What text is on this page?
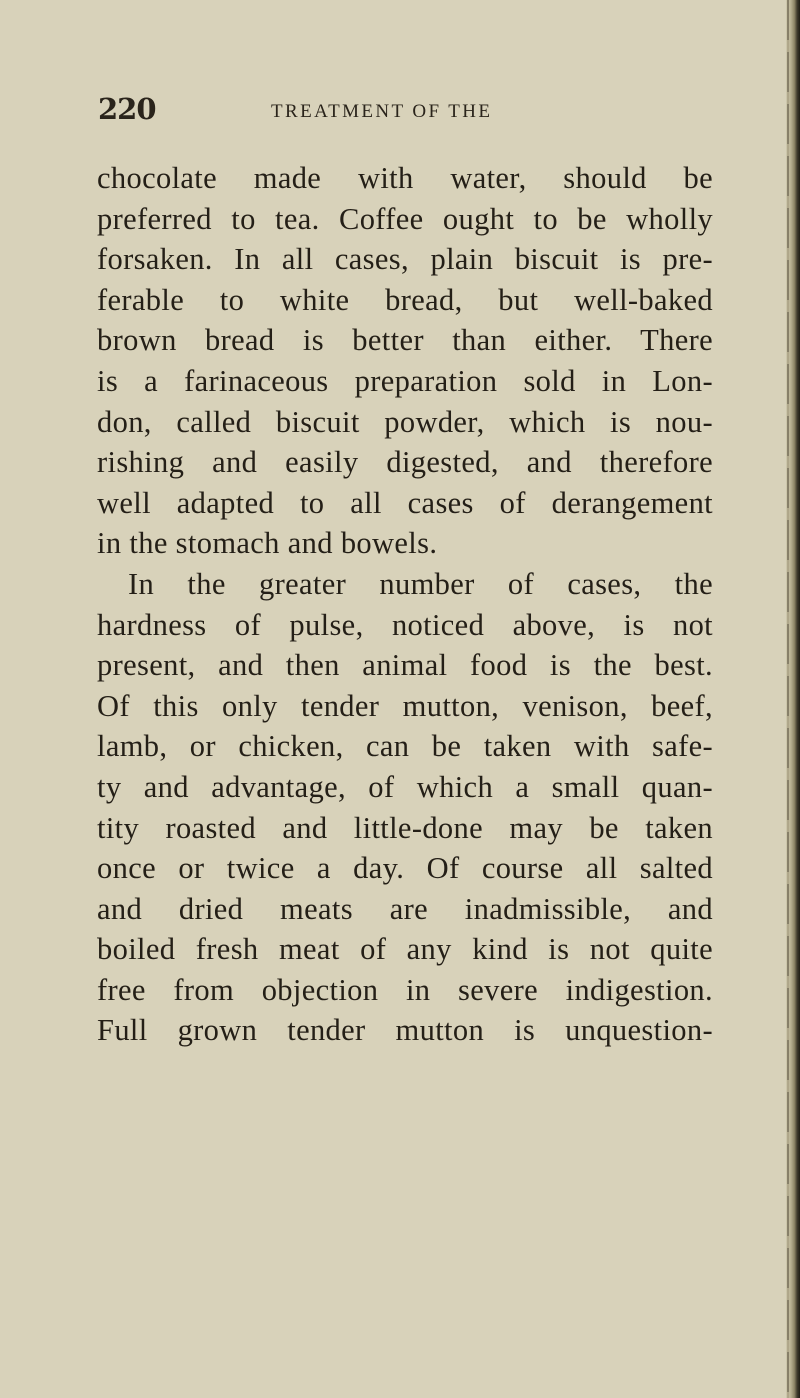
220	TREATMENT OF THE
chocolate made with water, should be
preferred to tea. Coffee ought to be wholly
forsaken. In all cases, plain biscuit is pre-
ferable to white bread, but well-baked
brown bread is better than either. There
is a farinaceous preparation sold in Lon-
don, called biscuit powder, which is nou-
rishing and easily digested, and therefore
well adapted to all cases of derangement
in the stomach and bowels.
In the greater number of cases, the
hardness of pulse, noticed above, is not
present, and then animal food is the best.
Of this only tender mutton, venison, beef,
lamb, or chicken, can be taken with safe-
ty and advantage, of which a small quan-
tity roasted and little-done may be taken
once or twice a day. Of course all salted
and dried meats are inadmissible, and
boiled fresh meat of any kind is not quite
free from objection in severe indigestion.
Full grown tender mutton is unquestion-
